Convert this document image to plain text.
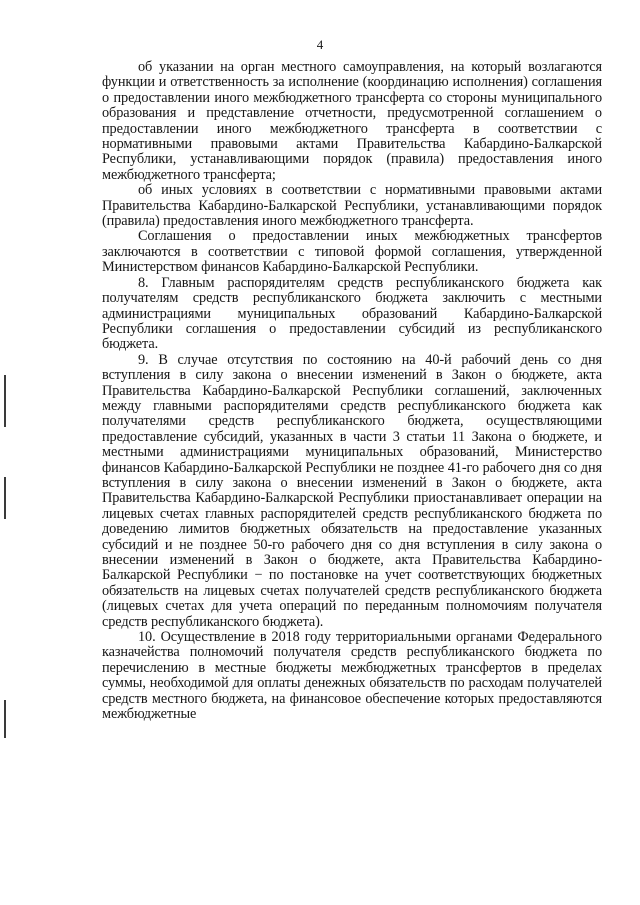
4

об указании на орган местного самоуправления, на который возлагаются функции и ответственность за исполнение (координацию исполнения) соглашения о предоставлении иного межбюджетного трансферта со стороны муниципального образования и представление отчетности, предусмотренной соглашением о предоставлении иного межбюджетного трансферта в соответствии с нормативными правовыми актами Правительства Кабардино-Балкарской Республики, устанавливающими порядок (правила) предоставления иного межбюджетного трансферта;

об иных условиях в соответствии с нормативными правовыми актами Правительства Кабардино-Балкарской Республики, устанавливающими порядок (правила) предоставления иного межбюджетного трансферта.

Соглашения о предоставлении иных межбюджетных трансфертов заключаются в соответствии с типовой формой соглашения, утвержденной Министерством финансов Кабардино-Балкарской Республики.

8. Главным распорядителям средств республиканского бюджета как получателям средств республиканского бюджета заключить с местными администрациями муниципальных образований Кабардино-Балкарской Республики соглашения о предоставлении субсидий из республиканского бюджета.

9. В случае отсутствия по состоянию на 40-й рабочий день со дня вступления в силу закона о внесении изменений в Закон о бюджете, акта Правительства Кабардино-Балкарской Республики соглашений, заключенных между главными распорядителями средств республиканского бюджета как получателями средств республиканского бюджета, осуществляющими предоставление субсидий, указанных в части 3 статьи 11 Закона о бюджете, и местными администрациями муниципальных образований, Министерство финансов Кабардино-Балкарской Республики не позднее 41-го рабочего дня со дня вступления в силу закона о внесении изменений в Закон о бюджете, акта Правительства Кабардино-Балкарской Республики приостанавливает операции на лицевых счетах главных распорядителей средств республиканского бюджета по доведению лимитов бюджетных обязательств на предоставление указанных субсидий и не позднее 50-го рабочего дня со дня вступления в силу закона о внесении изменений в Закон о бюджете, акта Правительства Кабардино-Балкарской Республики − по постановке на учет соответствующих бюджетных обязательств на лицевых счетах получателей средств республиканского бюджета (лицевых счетах для учета операций по переданным полномочиям получателя средств республиканского бюджета).

10. Осуществление в 2018 году территориальными органами Федерального казначейства полномочий получателя средств республиканского бюджета по перечислению в местные бюджеты межбюджетных трансфертов в пределах суммы, необходимой для оплаты денежных обязательств по расходам получателей средств местного бюджета, на финансовое обеспечение которых предоставляются межбюджетные
